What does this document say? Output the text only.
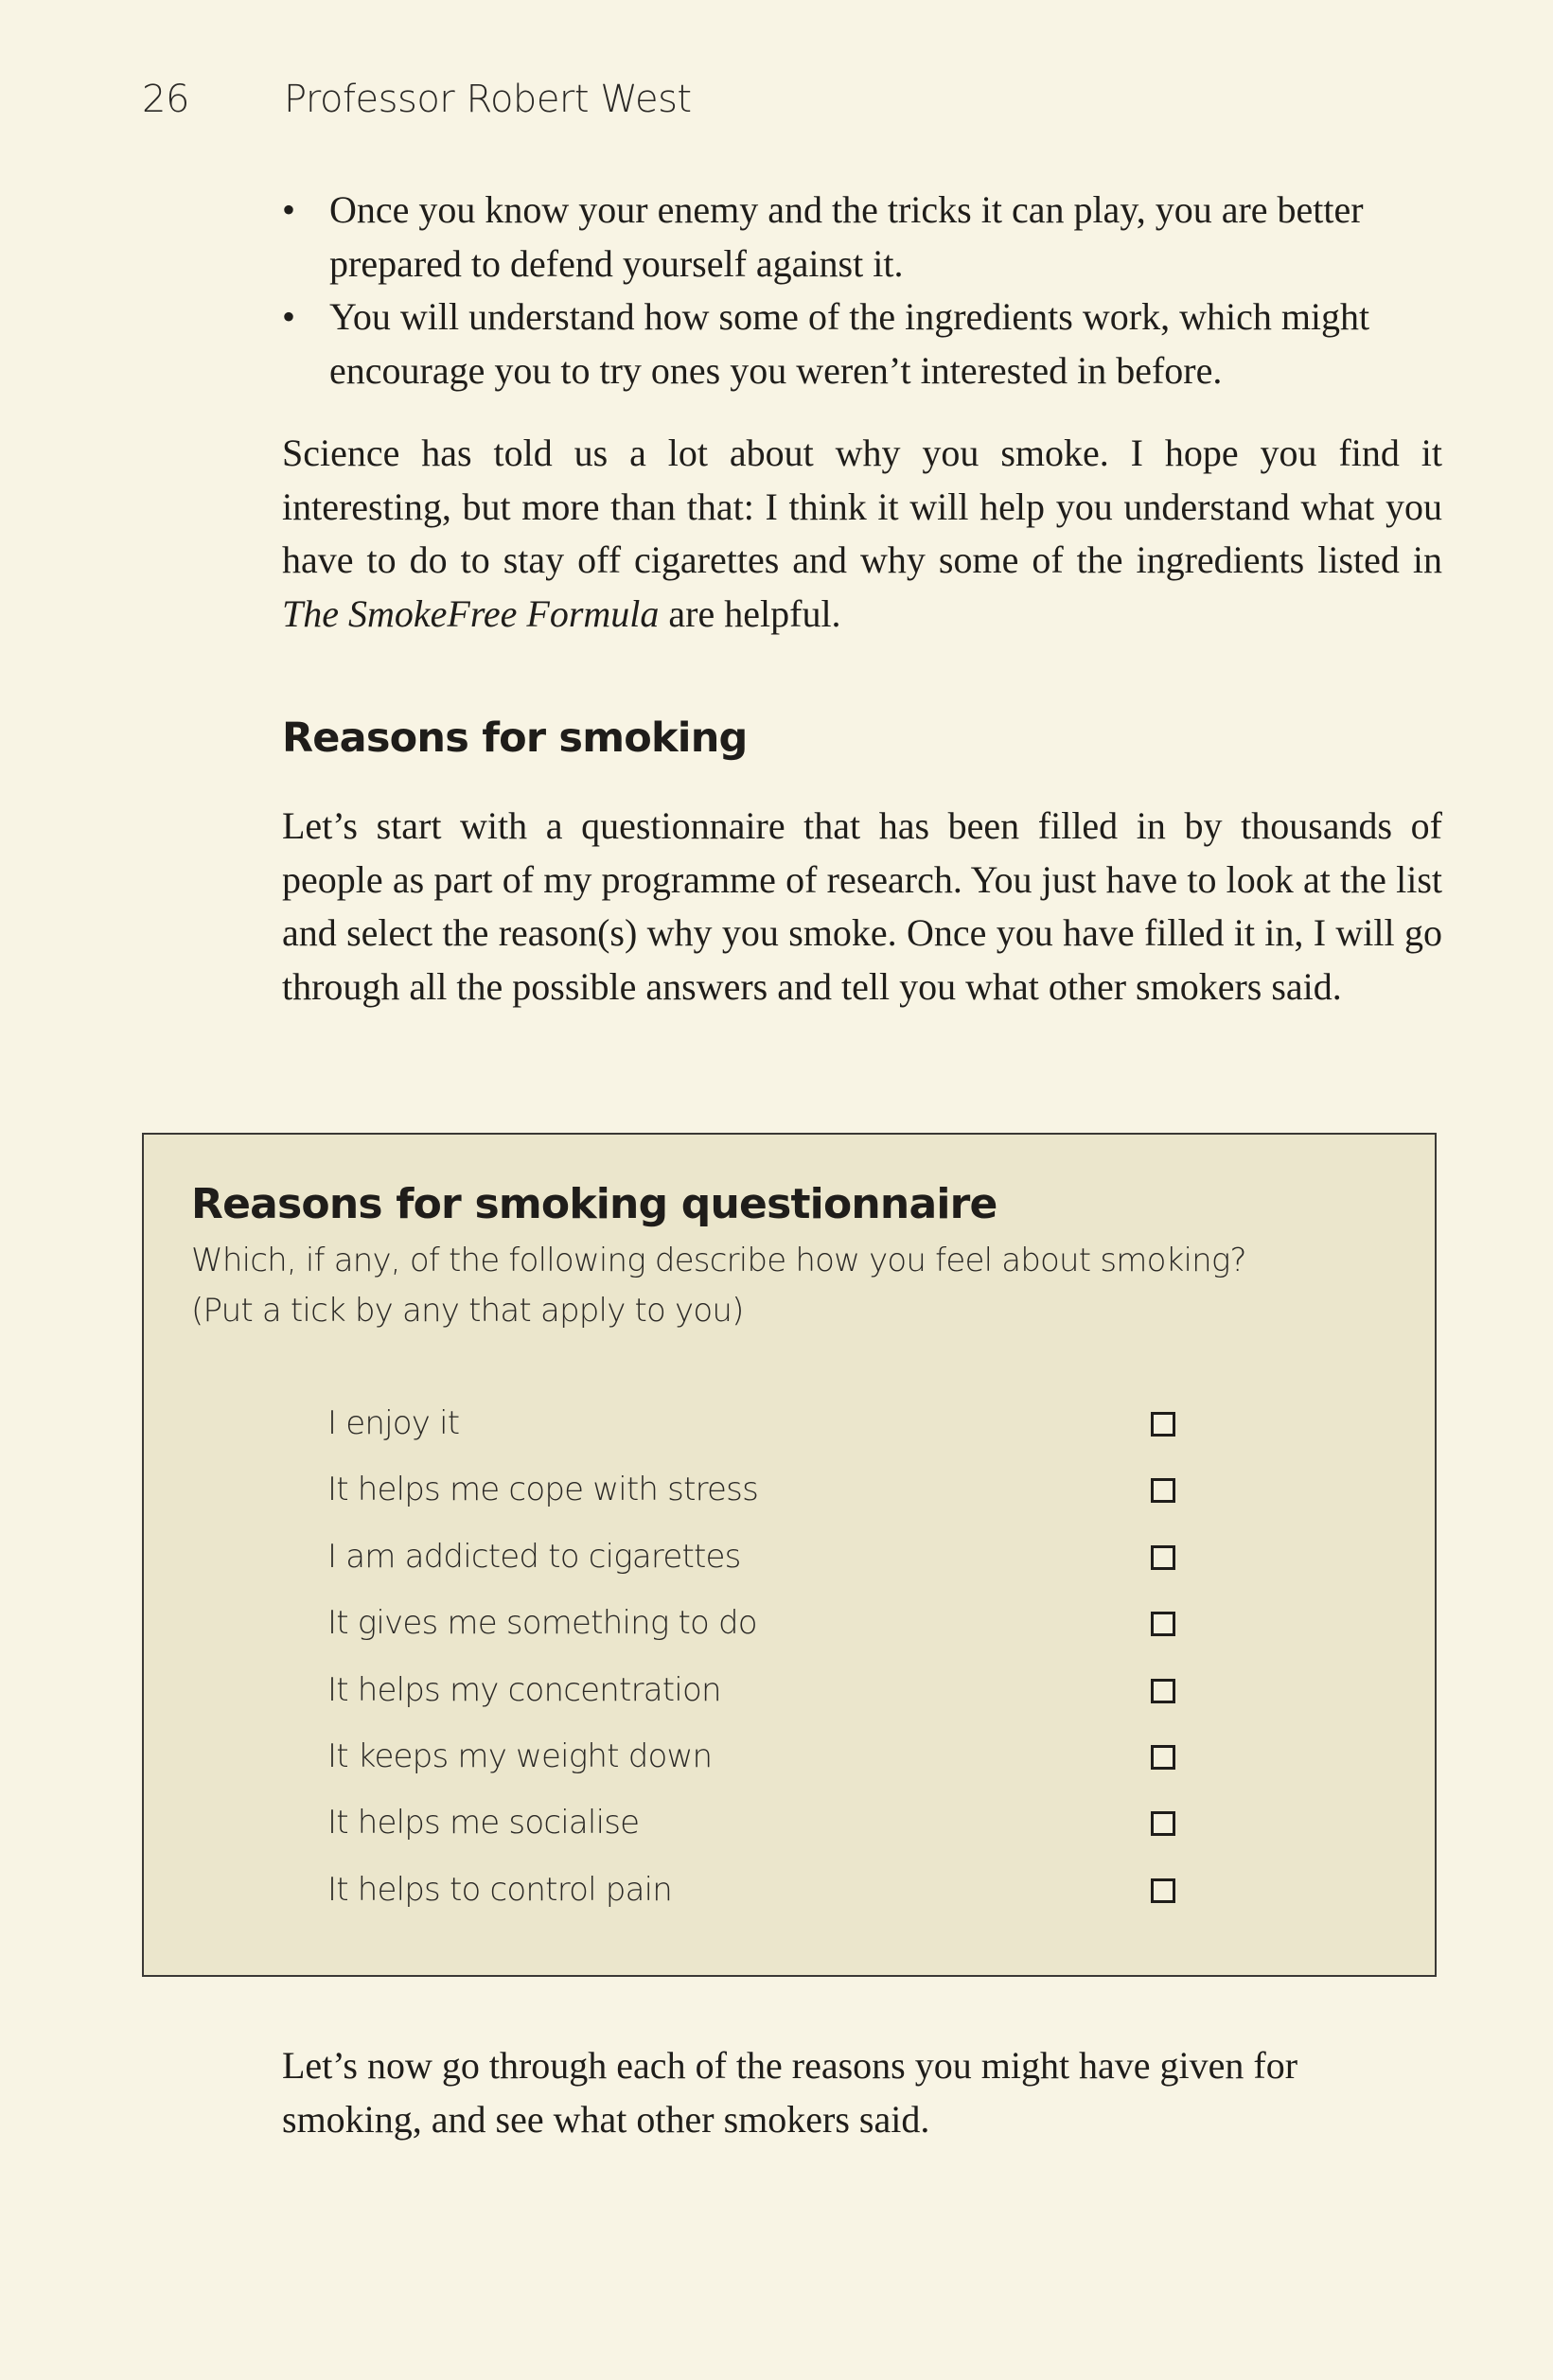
26	Professor Robert West
• Once you know your enemy and the tricks it can play, you are better prepared to defend yourself against it.
• You will understand how some of the ingredients work, which might encourage you to try ones you weren’t interested in before.

Science has told us a lot about why you smoke. I hope you find it interesting, but more than that: I think it will help you understand what you have to do to stay off cigarettes and why some of the ingredients listed in The SmokeFree Formula are helpful.

Reasons for smoking

Let’s start with a questionnaire that has been filled in by thousands of people as part of my programme of research. You just have to look at the list and select the reason(s) why you smoke. Once you have filled it in, I will go through all the possible answers and tell you what other smokers said.

Reasons for smoking questionnaire
Which, if any, of the following describe how you feel about smoking?
(Put a tick by any that apply to you)
I enjoy it
It helps me cope with stress
I am addicted to cigarettes
It gives me something to do
It helps my concentration
It keeps my weight down
It helps me socialise
It helps to control pain

Let’s now go through each of the reasons you might have given for smoking, and see what other smokers said.
